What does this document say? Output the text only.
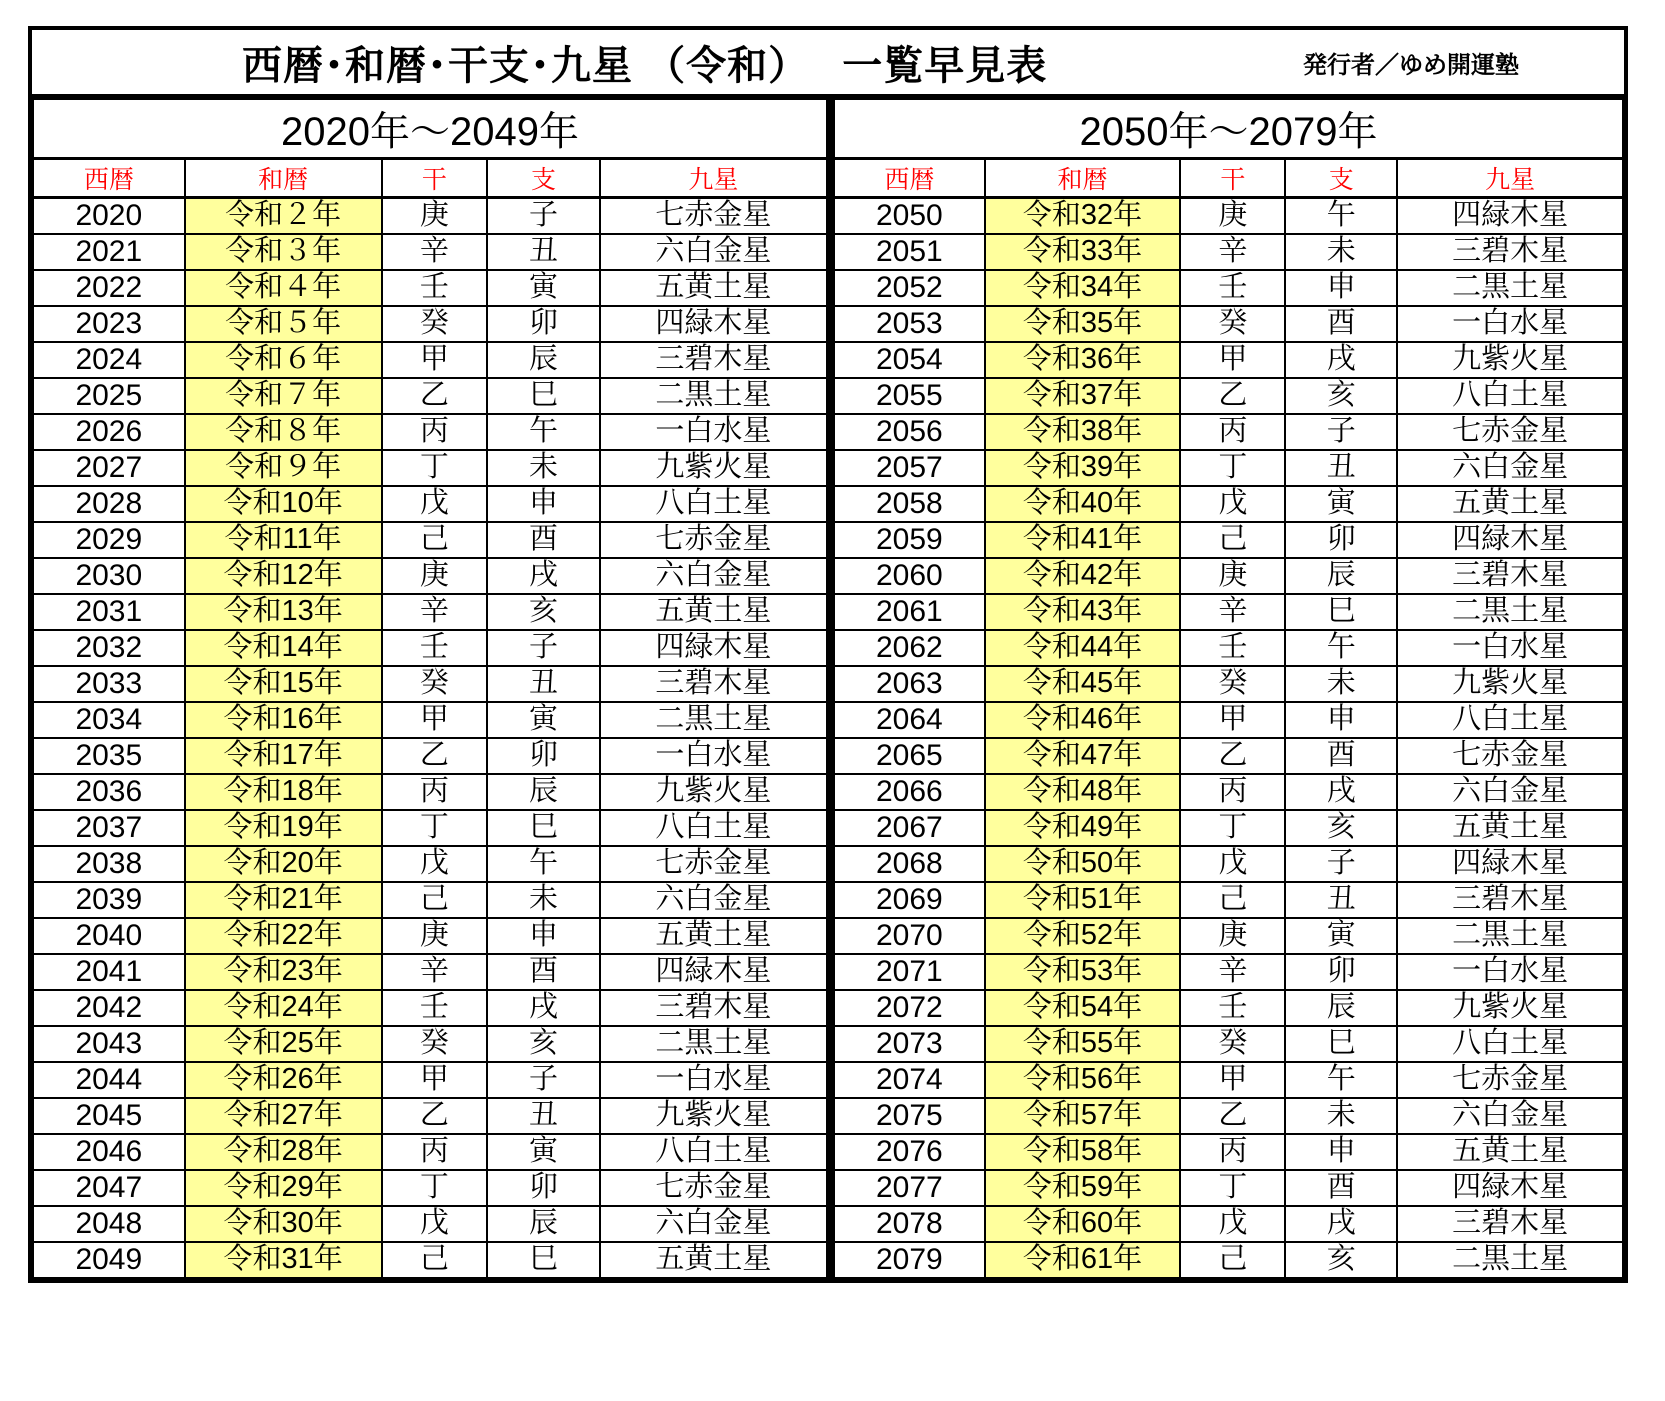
西暦･和暦･干支･九星 （令和）　 一覧早見表	発行者／ゆめ開運塾
2020年～2049年				
西暦	和暦	干	支	九星
2020	令和２年	庚	子	七赤金星
2021	令和３年	辛	丑	六白金星
2022	令和４年	壬	寅	五黄土星
2023	令和５年	癸	卯	四緑木星
2024	令和６年	甲	辰	三碧木星
2025	令和７年	乙	巳	二黒土星
2026	令和８年	丙	午	一白水星
2027	令和９年	丁	未	九紫火星
2028	令和10年	戊	申	八白土星
2029	令和11年	己	酉	七赤金星
2030	令和12年	庚	戌	六白金星
2031	令和13年	辛	亥	五黄土星
2032	令和14年	壬	子	四緑木星
2033	令和15年	癸	丑	三碧木星
2034	令和16年	甲	寅	二黒土星
2035	令和17年	乙	卯	一白水星
2036	令和18年	丙	辰	九紫火星
2037	令和19年	丁	巳	八白土星
2038	令和20年	戊	午	七赤金星
2039	令和21年	己	未	六白金星
2040	令和22年	庚	申	五黄土星
2041	令和23年	辛	酉	四緑木星
2042	令和24年	壬	戌	三碧木星
2043	令和25年	癸	亥	二黒土星
2044	令和26年	甲	子	一白水星
2045	令和27年	乙	丑	九紫火星
2046	令和28年	丙	寅	八白土星
2047	令和29年	丁	卯	七赤金星
2048	令和30年	戊	辰	六白金星
2049	令和31年	己	巳	五黄土星
2050年～2079年				
西暦	和暦	干	支	九星
2050	令和32年	庚	午	四緑木星
2051	令和33年	辛	未	三碧木星
2052	令和34年	壬	申	二黒土星
2053	令和35年	癸	酉	一白水星
2054	令和36年	甲	戌	九紫火星
2055	令和37年	乙	亥	八白土星
2056	令和38年	丙	子	七赤金星
2057	令和39年	丁	丑	六白金星
2058	令和40年	戊	寅	五黄土星
2059	令和41年	己	卯	四緑木星
2060	令和42年	庚	辰	三碧木星
2061	令和43年	辛	巳	二黒土星
2062	令和44年	壬	午	一白水星
2063	令和45年	癸	未	九紫火星
2064	令和46年	甲	申	八白土星
2065	令和47年	乙	酉	七赤金星
2066	令和48年	丙	戌	六白金星
2067	令和49年	丁	亥	五黄土星
2068	令和50年	戊	子	四緑木星
2069	令和51年	己	丑	三碧木星
2070	令和52年	庚	寅	二黒土星
2071	令和53年	辛	卯	一白水星
2072	令和54年	壬	辰	九紫火星
2073	令和55年	癸	巳	八白土星
2074	令和56年	甲	午	七赤金星
2075	令和57年	乙	未	六白金星
2076	令和58年	丙	申	五黄土星
2077	令和59年	丁	酉	四緑木星
2078	令和60年	戊	戌	三碧木星
2079	令和61年	己	亥	二黒土星
